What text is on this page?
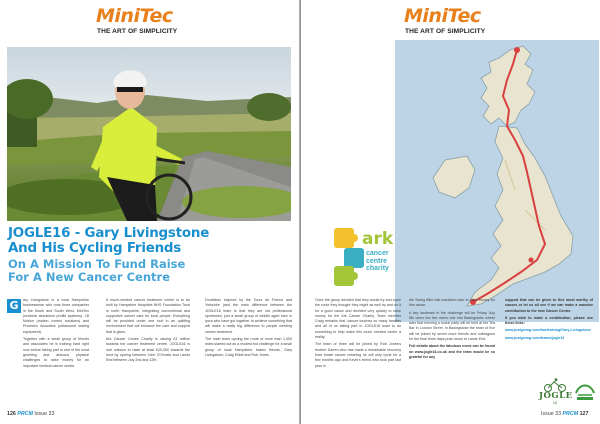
MiniTec
THE ART OF SIMPLICITY
JOGLE16 - Gary Livingstone
And His Cycling Friends
On A Mission To Fund Raise
For A New Cancer Centre
G	ary Livingstone is a local Hampshire businessman who runs three companies in the South and South West, MiniTec (modular aluminium profile systems), LB Motion (motion control solutions) and Precision Acoustics (ultrasound testing equipment).

Together with a small group of friends and associates he is training hard right now before taking part in one of the most gruelling and arduous physical challenges to raise money for an important medical cancer centre.

A much-needed cancer treatment centre is to be built by Hampshire Hospitals NHS Foundation Trust in north Hampshire, integrating conventional and supportive cancer care for local people. Everything will be provided under one roof in an uplifting environment that will enhance the care and support that is given.

Ark Cancer Centre Charity is raising £3 million towards the cancer treatment centre. JOGLE16 is one mission to raise at least £20,000 towards the fund by cycling between John O'Groats and Lands End between July 2nd and 12th.

Doubtless inspired by the Tours de France and Yorkshire (and the main difference between the JOGLE16 team is that they are not professional sportsmen, just a small group of middle aged men in lycra who have got together to achieve something that will make a really big difference to people needing cancer treatment.

The main team cycling the route of more than 1,000 miles started out as a modest but challenge for a small group of local Hampshire based friends, Gary Livingstone, Craig Elliott and Rob Jones.

126 PRCM Issue 33
MiniTec
THE ART OF SIMPLICITY
ark
cancer
centre
charity

Once the group decided that they would try and cycle the route they thought they might as well try and do it for a good cause and decided very quickly to raise money for the Ark Cancer Charity. Team member Craig remarks that 'cancer touches so many families and all of us taking part in JOGLE16 want to do something to help make this much needed centre a reality.'

The team of three will be joined by Rob Jones's brother Darren who has made a remarkable recovery from bowel cancer meaning he will only cycle for a few months ago and Kevin's friend who took part last year in

the Swing Bike half marathon also to raise money for this cause.

A key landmark in the challenge will be Friday July 8th when the five riders ride into Basingstoke where later that evening a social party will be held at the Tea Bar in London Street. In Basingstoke the team of five will be joined by seven more friends and colleagues for the final three days push down to Lands End.

Full details about the fabulous event can be found on www.jogle16.co.uk and the team would be so grateful for any

support that can be given to this most worthy of causes or let us all see if we can make a massive contribution to the new Cancer Centre.

If you wish to make a contribution, please see these links:

www.justgiving.com/fundraising/Gary-Livingstone

www.justgiving.com/teams/jogle16

JOGLE
16
Issue 33 PRCM 127
